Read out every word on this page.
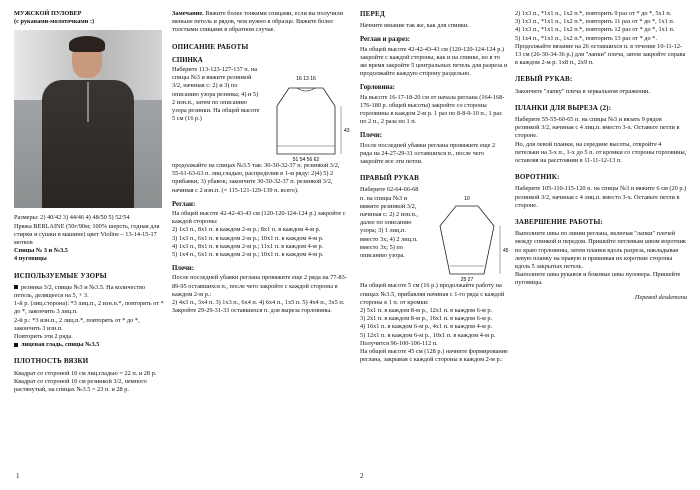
МУЖСКОЙ ПУЛОВЕР

(с рукавами-молоточками :)

Размеры: 2) 40/42 3) 44/46 4) 48/50 5) 52/54

Пряжа BERLAINE (50г/90м; 100% шерсть, годная для стирки и сушки в машине) цвет Violine – 13-14-15-17 мотков

Спицы № 3 и №3.5

4 пуговицы

ИСПОЛЬЗУЕМЫЕ УЗОРЫ

резинка 3/2, спицы №3 и №3.5. На количество петель, делящееся на 5, + 3.

1-й р. (лиц.сторона): *3 лиц.п., 2 изн.п.*, повторять от * до *, закончить 3 лиц.п.

2-й р.: *3 изн.п., 2 лиц.п.*, повторять от * до *, закончить 3 изн.п.

Повторить эти 2 ряда.

лицевая гладь, спицы №3.5

ПЛОТНОСТЬ ВЯЗКИ

Квадрат со стороной 10 см лиц.гладью = 22 п. и 28 р.

Квадрат со стороной 10 см резинкой 3/2, немного растянутый, на спицах №3.5 = 23 п. и 28 р.

Замечание. Вяжите более тонкими спицами, если вы получили меньше петель и рядов, чем нужно в образце. Вяжите более толстыми спицами в обратном случае.

ОПИСАНИЕ РАБОТЫ

СПИНКА

Наберите 113-123-127-137 п. на спицы №3 и вяжите резинкой 3/2, начиная с: 2) и 3) по описанию узора резинка; 4) и 5) 2 изн.п., затем по описанию узора резинки. На общей высоте 5 см (16 р.)

16 13 16
43
51 54 56 62

продолжайте на спицах №3.5 так: 30-30-32-37 п. резинкой 3/2, 55-61-63-63 п. лиц.гладью, распределив в 1-м ряду: 2)4) 5) 2 прибавки; 3) убавок; закончите 30-30-32-37 п. резинкой 3/2, начиная с 2 изн.п. (= 115-121-129-139 п. всего).

Реглан:

На общей высоте 42-42-43-43 см (120-120-124-124 р.) закройте с каждой стороны:

2) 1x3 п., 8x1 п. в каждом 2-м р.; 8x1 п. в каждом 4-м р.

3) 1x3 п., 6x1 п. в каждом 2-м р.; 10x1 п. в каждом 4-м р.

4) 1x3 п., 8x1 п. в каждом 2-м р.; 11x1 п. в каждом 4-м р.

5) 1x4 п., 6x1 п. в каждом 2-м р.; 10x1 п. в каждом 4-м р.

Плечи:

После последней убавки реглана провяжите еще 2 ряда на 77-83-89-95 оставшихся п., после чего закройте с каждой стороны в каждом 2-м р.:

2) 4x3 п., 3x4 п. 3) 1x3 п., 6x4 п. 4) 6x4 п., 1x5 п. 5) 4x4 п., 3x5 п.

Закройте 29-29-31-33 оставшихся п. для выреза горловины.

ПЕРЕД

Начните вязание так же, как для спинки.

Реглан и разрез:

На общей высоте 42-42-43-43 см (120-120-124-124 р.) закройте с каждой стороны, как и на спинке, но в то же время закройте 5 центральных петель для разреза и продолжайте каждую сторону раздельно.

Горловина:

На высоте 16-17-18-20 см от начала реглана (164-168-176-180 р. общей высоты) закройте со стороны горловины в каждом 2-м р. 1 раз по 8-8-9-10 п., 1 раз по 2 п., 2 раза по 1 п.

Плечи:

После последней убавки реглана провяжите еще 2 ряда на 24-27-29-31 оставшихся п., после чего закройте все эти петли.

ПРАВЫЙ РУКАВ

Наберите 62-64-66-68 п. на спицы №3 и вяжите резинкой 3/2, начиная с: 2) 2 изн.п., далее по описанию узора; 3) 1 лиц.п. вместо 3х; 4) 2 лиц.п. вместо 3х; 5) по описанию узора.

10
45
25 27

На общей высоте 5 см (16 р.) продолжайте работу на спицах №3.5, прибавляя начиная с 1-го ряда с каждой стороны в 1 п. от кромки:

2) 5x1 п. в каждом 8-м р., 12x1 п. в каждом 6-м р.

3) 2x1 п. в каждом 8-м р., 16x1 п. в каждом 6-м р.

4) 16x1 п. в каждом 6-м р., 4x1 п. в каждом 4-м р.

5) 12x1 п. в каждом 6-м р., 10x1 п. в каждом 4-м р.

Получится 96-100-106-112 п.

На общей высоте 45 см (128 р.) начните формирование реглана, закрывая с каждой стороны в каждом 2-м р.:

2) 1x3 п., *1x1 п., 1x2 п.*, повторить 9 раз от * до *, 5x1 п.

3) 1x3 п., *1x1 п., 1x2 п.*, повторить 11 раз от * до *, 1x1 п.

4) 1x3 п., *1x1 п., 1x2 п.*, повторить 12 раз от * до *, 1x1 п.

5) 1x4 п., *1x1 п., 1x2 п.*, повторить 13 раз от * до *.

Продолжайте вязание на 26 оставшихся п. в течение 10-11-12-13 см (26-30-34-36 р.) для "лапки" плеча, затем закройте справа в каждом 2-м р. 1x8 п., 2x9 п.

ЛЕВЫЙ РУКАВ:

Закончите "лапку" плеча в зеркальном отражении.

ПЛАНКИ ДЛЯ ВЫРЕЗА (2):

Наберите 55-55-60-65 п. на спицы №3 и вязать 9 рядов резинкой 3/2, начиная с 4 лиц.п. вместо 3-х. Оставьте петли в стороне.

Но, для левой планки, на середине высоты, откройте 4 петельки на 3-х п., 1-х до 5 п. от кромки со стороны горловины, оставляя на расстоянии в 11-11-12-13 п.

ВОРОТНИК:

Наберите 105-110-115-120 п. на спицы №3 и вяжите 6 см (20 р.) резинкой 3/2, начиная с 4 лиц.п. вместо 3-х. Оставьте петли в стороне.

ЗАВЕРШЕНИЕ РАБОТЫ:

Выполните швы по линии реглана, включая "лапки" плечей между спинкой и передом. Пришейте петлевым швом воротник по краю горловины, затем планки вдоль разреза, накладывая левую планку на правую и пришивая их короткие стороны вдоль 5 закрытых петель.

Выполните швы рукавов и боковые швы пуловера. Пришейте пуговицы.

Перевод desdemona

1	2
